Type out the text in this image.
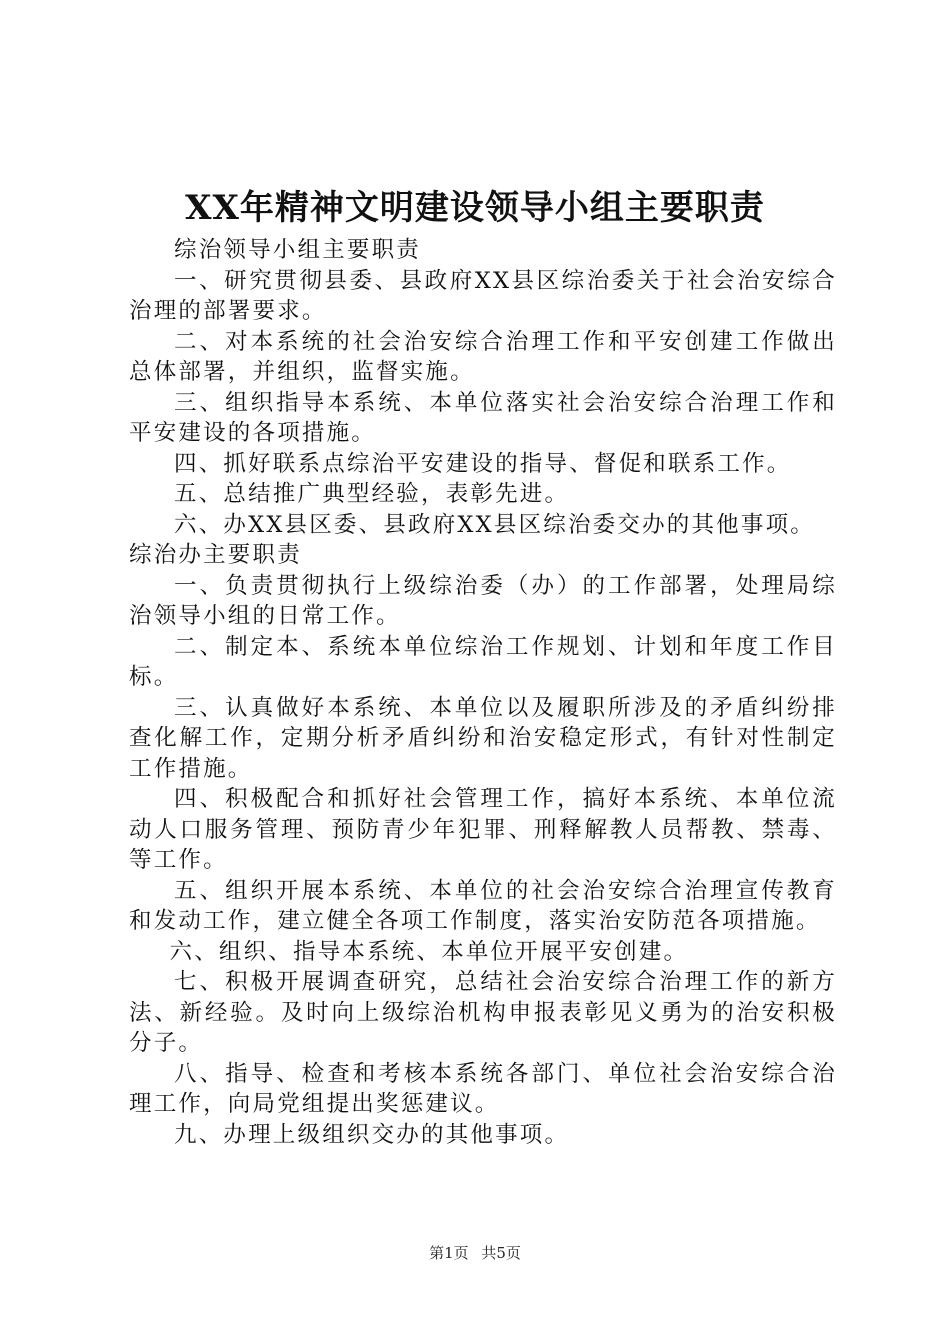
XX年精神文明建设领导小组主要职责

综治领导小组主要职责

一、研究贯彻县委、县政府XX县区综治委关于社会治安综合治理的部署要求。

二、对本系统的社会治安综合治理工作和平安创建工作做出总体部署，并组织，监督实施。

三、组织指导本系统、本单位落实社会治安综合治理工作和平安建设的各项措施。

四、抓好联系点综治平安建设的指导、督促和联系工作。

五、总结推广典型经验，表彰先进。

六、办XX县区委、县政府XX县区综治委交办的其他事项。

综治办主要职责

一、负责贯彻执行上级综治委（办）的工作部署，处理局综治领导小组的日常工作。

二、制定本、系统本单位综治工作规划、计划和年度工作目标。

三、认真做好本系统、本单位以及履职所涉及的矛盾纠纷排查化解工作，定期分析矛盾纠纷和治安稳定形式，有针对性制定工作措施。

四、积极配合和抓好社会管理工作，搞好本系统、本单位流动人口服务管理、预防青少年犯罪、刑释解教人员帮教、禁毒、等工作。

五、组织开展本系统、本单位的社会治安综合治理宣传教育和发动工作，建立健全各项工作制度，落实治安防范各项措施。

六、组织、指导本系统、本单位开展平安创建。

七、积极开展调查研究，总结社会治安综合治理工作的新方法、新经验。及时向上级综治机构申报表彰见义勇为的治安积极分子。

八、指导、检查和考核本系统各部门、单位社会治安综合治理工作，向局党组提出奖惩建议。

九、办理上级组织交办的其他事项。

第1页 共5页
